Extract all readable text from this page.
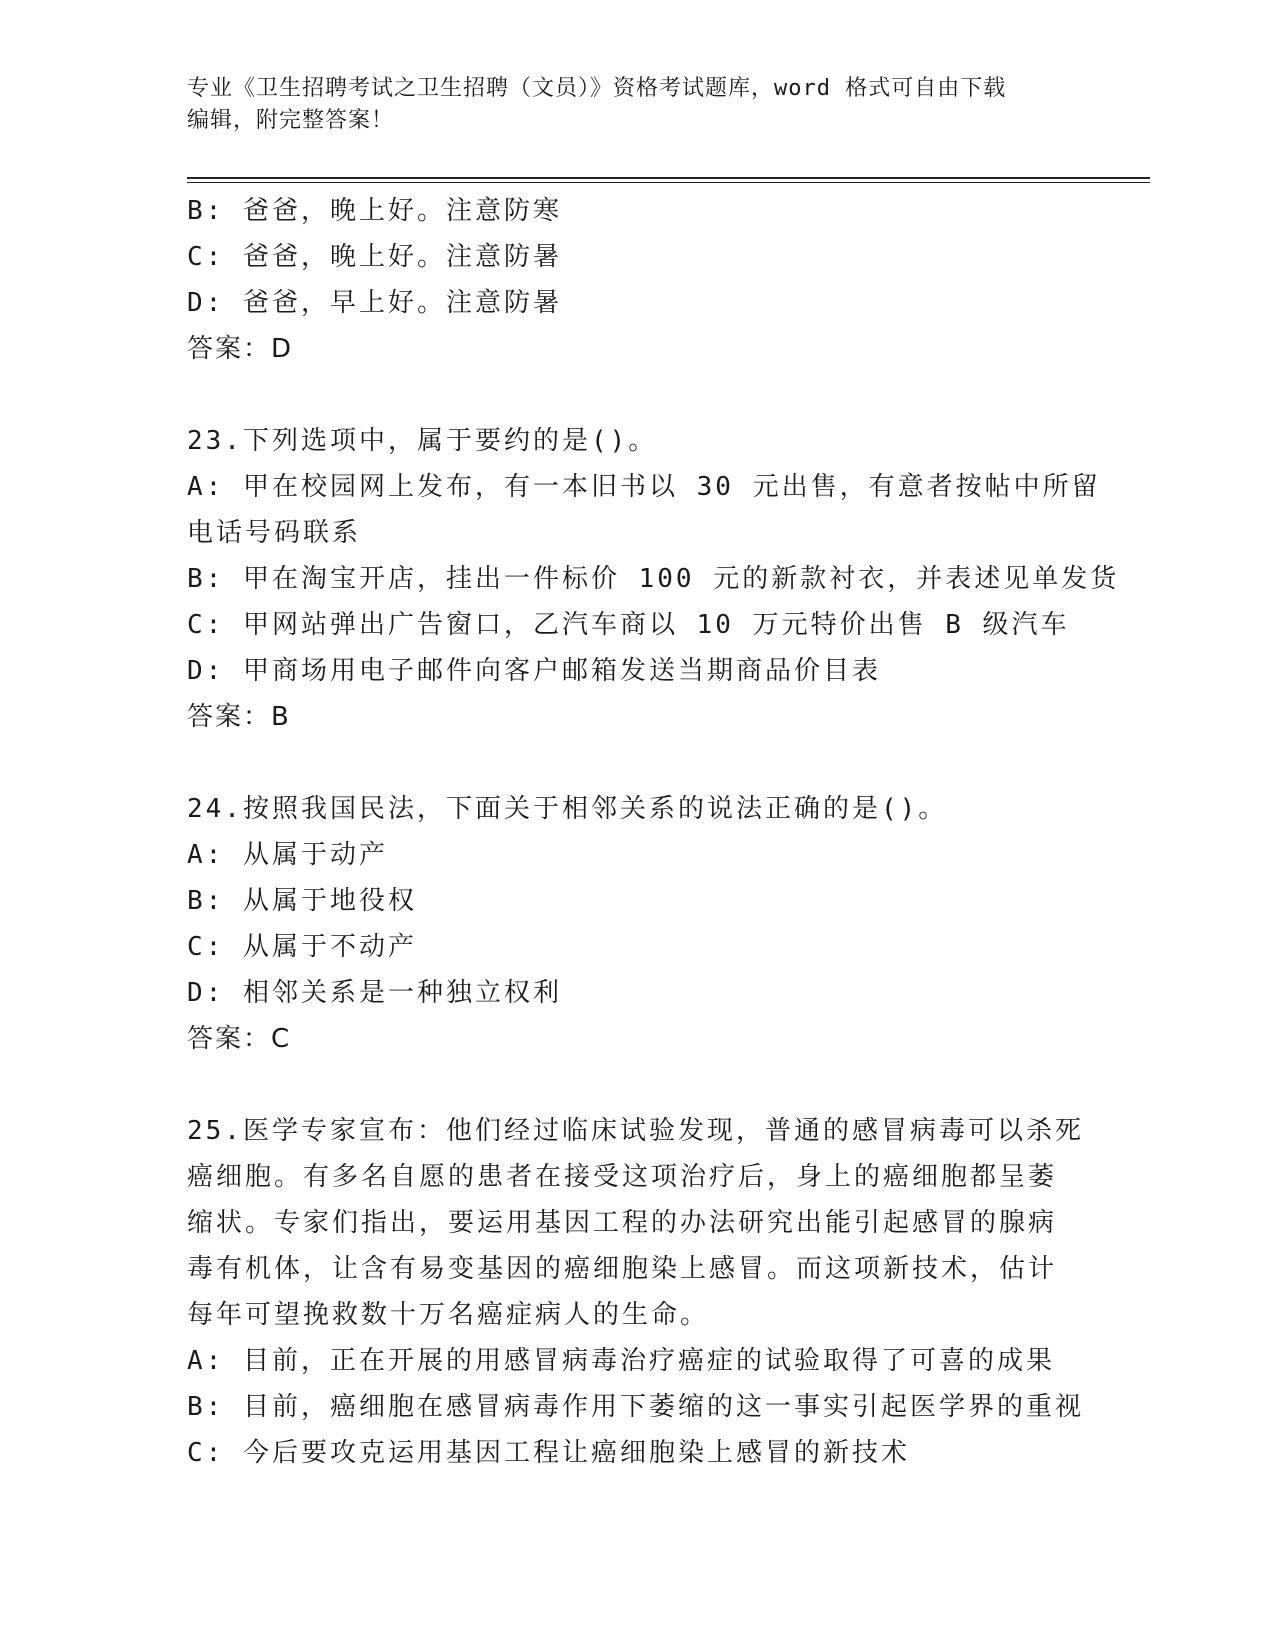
专业《卫生招聘考试之卫生招聘（文员）》资格考试题库，word 格式可自由下载
编辑，附完整答案！
B: 爸爸，晚上好。注意防寒
C: 爸爸，晚上好。注意防暑
D: 爸爸，早上好。注意防暑
答案：D
23.下列选项中，属于要约的是()。
A: 甲在校园网上发布，有一本旧书以 30 元出售，有意者按帖中所留
电话号码联系
B: 甲在淘宝开店，挂出一件标价 100 元的新款衬衣，并表述见单发货
C: 甲网站弹出广告窗口，乙汽车商以 10 万元特价出售 B 级汽车
D: 甲商场用电子邮件向客户邮箱发送当期商品价目表
答案：B
24.按照我国民法，下面关于相邻关系的说法正确的是()。
A: 从属于动产
B: 从属于地役权
C: 从属于不动产
D: 相邻关系是一种独立权利
答案：C
25.医学专家宣布：他们经过临床试验发现，普通的感冒病毒可以杀死
癌细胞。有多名自愿的患者在接受这项治疗后，身上的癌细胞都呈萎
缩状。专家们指出，要运用基因工程的办法研究出能引起感冒的腺病
毒有机体，让含有易变基因的癌细胞染上感冒。而这项新技术，估计
每年可望挽救数十万名癌症病人的生命。
A: 目前，正在开展的用感冒病毒治疗癌症的试验取得了可喜的成果
B: 目前，癌细胞在感冒病毒作用下萎缩的这一事实引起医学界的重视
C: 今后要攻克运用基因工程让癌细胞染上感冒的新技术
